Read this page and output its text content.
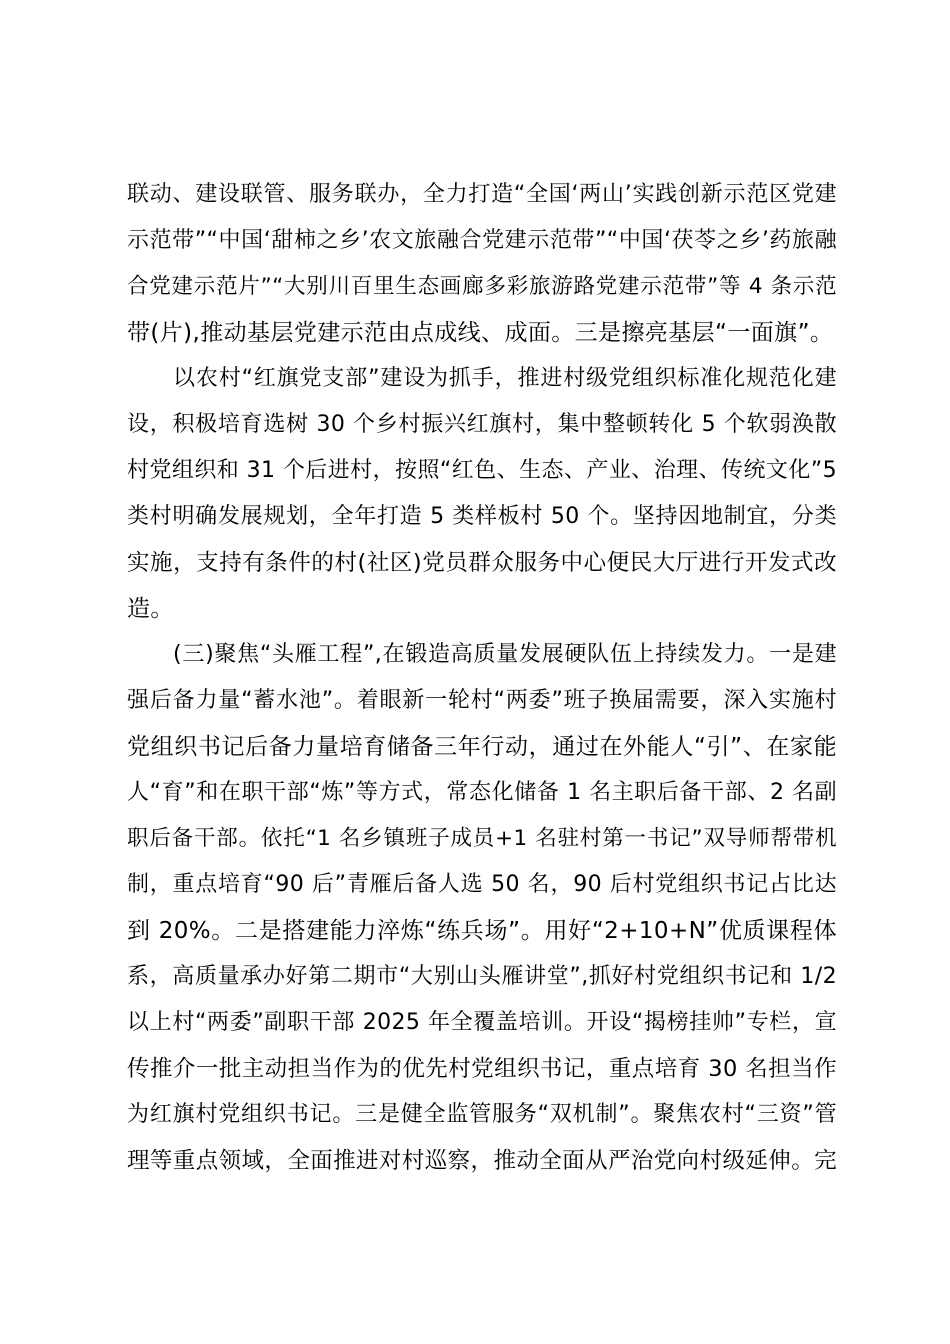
联动、建设联管、服务联办，全力打造“全国‘两山’实践创新示范区党建
示范带”“中国‘甜柿之乡’农文旅融合党建示范带”“中国‘茯苓之乡’药旅融
合党建示范片”“大别川百里生态画廊多彩旅游路党建示范带”等 4 条示范
带(片),推动基层党建示范由点成线、成面。三是擦亮基层“一面旗”。
以农村“红旗党支部”建设为抓手，推进村级党组织标准化规范化建
设，积极培育选树 30 个乡村振兴红旗村，集中整顿转化 5 个软弱涣散
村党组织和 31 个后进村，按照“红色、生态、产业、治理、传统文化”5
类村明确发展规划，全年打造 5 类样板村 50 个。坚持因地制宜，分类
实施，支持有条件的村(社区)党员群众服务中心便民大厅进行开发式改
造。
(三)聚焦“头雁工程”,在锻造高质量发展硬队伍上持续发力。一是建
强后备力量“蓄水池”。着眼新一轮村“两委”班子换届需要，深入实施村
党组织书记后备力量培育储备三年行动，通过在外能人“引”、在家能
人“育”和在职干部“炼”等方式，常态化储备 1 名主职后备干部、2 名副
职后备干部。依托“1 名乡镇班子成员+1 名驻村第一书记”双导师帮带机
制，重点培育“90 后”青雁后备人选 50 名，90 后村党组织书记占比达
到 20%。二是搭建能力淬炼“练兵场”。用好“2+10+N”优质课程体
系，高质量承办好第二期市“大别山头雁讲堂”,抓好村党组织书记和 1/2
以上村“两委”副职干部 2025 年全覆盖培训。开设“揭榜挂帅”专栏，宣
传推介一批主动担当作为的优先村党组织书记，重点培育 30 名担当作
为红旗村党组织书记。三是健全监管服务“双机制”。聚焦农村“三资”管
理等重点领域，全面推进对村巡察，推动全面从严治党向村级延伸。完
